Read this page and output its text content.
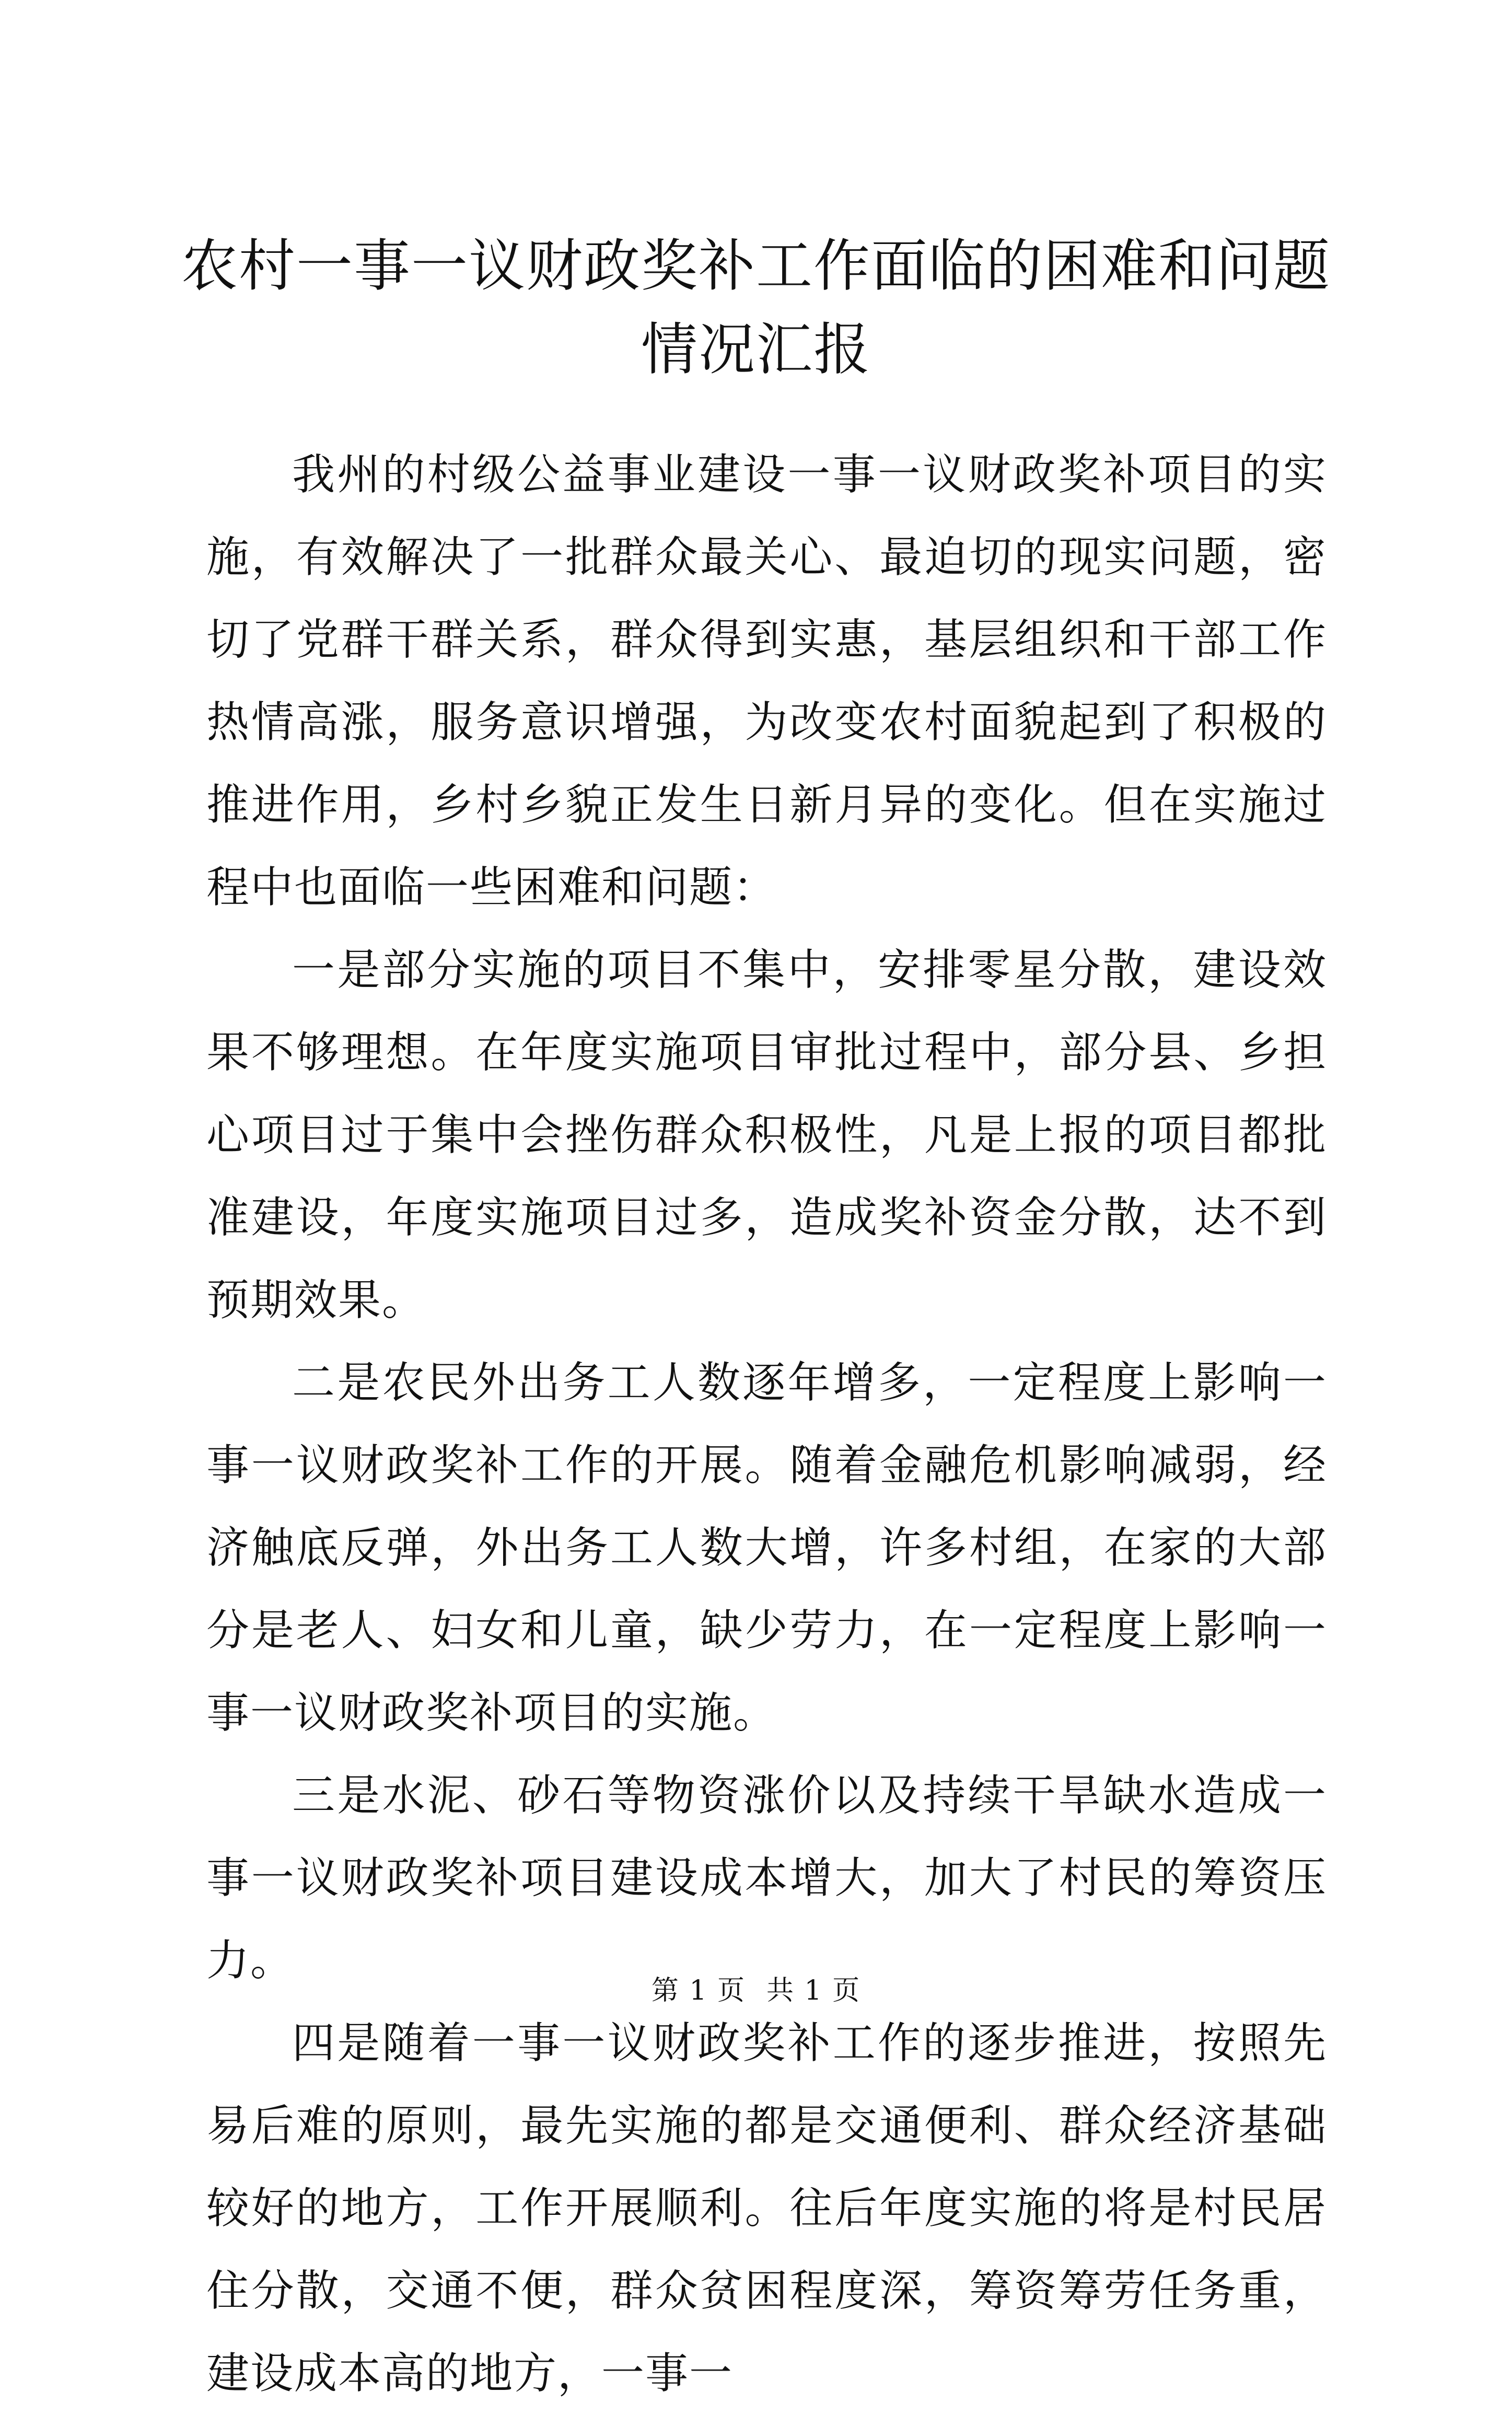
农村一事一议财政奖补工作面临的困难和问题
情况汇报

我州的村级公益事业建设一事一议财政奖补项目的实施，有效解决了一批群众最关心、最迫切的现实问题，密切了党群干群关系，群众得到实惠，基层组织和干部工作热情高涨，服务意识增强，为改变农村面貌起到了积极的推进作用，乡村乡貌正发生日新月异的变化。但在实施过程中也面临一些困难和问题：

一是部分实施的项目不集中，安排零星分散，建设效果不够理想。在年度实施项目审批过程中，部分县、乡担心项目过于集中会挫伤群众积极性，凡是上报的项目都批准建设，年度实施项目过多，造成奖补资金分散，达不到预期效果。

二是农民外出务工人数逐年增多，一定程度上影响一事一议财政奖补工作的开展。随着金融危机影响减弱，经济触底反弹，外出务工人数大增，许多村组，在家的大部分是老人、妇女和儿童，缺少劳力，在一定程度上影响一事一议财政奖补项目的实施。

三是水泥、砂石等物资涨价以及持续干旱缺水造成一事一议财政奖补项目建设成本增大，加大了村民的筹资压力。

四是随着一事一议财政奖补工作的逐步推进，按照先易后难的原则，最先实施的都是交通便利、群众经济基础较好的地方，工作开展顺利。往后年度实施的将是村民居住分散，交通不便，群众贫困程度深，筹资筹劳任务重，建设成本高的地方，一事一

第 1 页 共 1 页
